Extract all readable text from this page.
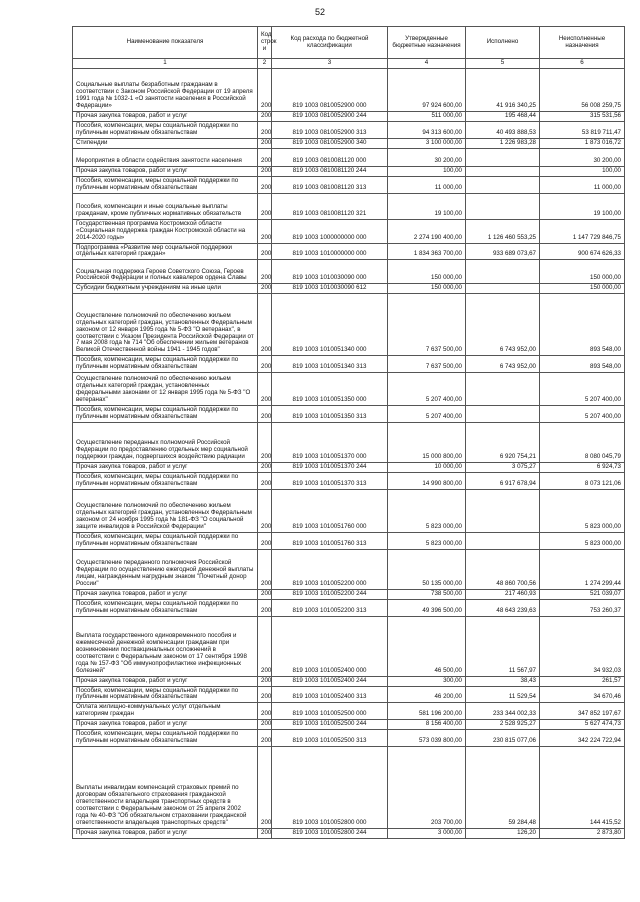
52
Наименование показателя	Код строк и	Код расхода по бюджетной классификации	Утвержденные бюджетные назначения	Исполнено	Неисполненные назначения
1	2	3	4	5	6
Социальные выплаты безработным гражданам в соответствии с Законом Российской Федерации от 19 апреля 1991 года № 1032-1 «О занятости населения в Российской Федерации»	200	819 1003 0810052900 000	97 924 600,00	41 916 340,25	56 008 259,75
Прочая закупка товаров, работ и услуг	200	819 1003 0810052900 244	511 000,00	195 468,44	315 531,56
Пособия, компенсации, меры социальной поддержки по публичным нормативным обязательствам	200	819 1003 0810052900 313	94 313 600,00	40 493 888,53	53 819 711,47
Стипендии	200	819 1003 0810052900 340	3 100 000,00	1 226 983,28	1 873 016,72
Мероприятия в области содействия занятости населения	200	819 1003 0810081120 000	30 200,00		30 200,00
Прочая закупка товаров, работ и услуг	200	819 1003 0810081120 244	100,00		100,00
Пособия, компенсации, меры социальной поддержки по публичным нормативным обязательствам	200	819 1003 0810081120 313	11 000,00		11 000,00
Пособия, компенсации и иные социальные выплаты гражданам, кроме публичных нормативных обязательств	200	819 1003 0810081120 321	19 100,00		19 100,00
Государственная программа Костромской области «Социальная поддержка граждан Костромской области на 2014-2020 годы»	200	819 1003 1000000000 000	2 274 190 400,00	1 126 460 553,25	1 147 729 846,75
Подпрограмма «Развитие мер социальной поддержки отдельных категорий граждан»	200	819 1003 1010000000 000	1 834 363 700,00	933 689 073,67	900 674 626,33
Социальная поддержка Героев Советского Союза, Героев Российской Федерации и полных кавалеров ордена Славы	200	819 1003 1010030090 000	150 000,00		150 000,00
Субсидии бюджетным учреждениям на иные цели	200	819 1003 1010030090 612	150 000,00		150 000,00
Осуществление полномочий по обеспечению жильем отдельных категорий граждан, установленных Федеральным законом от 12 января 1995 года № 5-ФЗ "О ветеранах", в соответствии с Указом Президента Российской Федерации от 7 мая 2008 года № 714 "Об обеспечении жильем ветеранов Великой Отечественной войны 1941 - 1945 годов"	200	819 1003 1010051340 000	7 637 500,00	6 743 952,00	893 548,00
Пособия, компенсации, меры социальной поддержки по публичным нормативным обязательствам	200	819 1003 1010051340 313	7 637 500,00	6 743 952,00	893 548,00
Осуществление полномочий по обеспечению жильем отдельных категорий граждан, установленных федеральными законами от 12 января 1995 года № 5-ФЗ "О ветеранах"	200	819 1003 1010051350 000	5 207 400,00		5 207 400,00
Пособия, компенсации, меры социальной поддержки по публичным нормативным обязательствам	200	819 1003 1010051350 313	5 207 400,00		5 207 400,00
Осуществление переданных полномочий Российской Федерации по предоставлению отдельных мер социальной поддержки граждан, подвергшихся воздействию радиации	200	819 1003 1010051370 000	15 000 800,00	6 920 754,21	8 080 045,79
Прочая закупка товаров, работ и услуг	200	819 1003 1010051370 244	10 000,00	3 075,27	6 924,73
Пособия, компенсации, меры социальной поддержки по публичным нормативным обязательствам	200	819 1003 1010051370 313	14 990 800,00	6 917 678,94	8 073 121,06
Осуществление полномочий по обеспечению жильем отдельных категорий граждан, установленных Федеральным законом от 24 ноября 1995 года № 181-ФЗ "О социальной защите инвалидов в Российской Федерации"	200	819 1003 1010051760 000	5 823 000,00		5 823 000,00
Пособия, компенсации, меры социальной поддержки по публичным нормативным обязательствам	200	819 1003 1010051760 313	5 823 000,00		5 823 000,00
Осуществление переданного полномочия Российской Федерации по осуществлению ежегодной денежной выплаты лицам, награжденным нагрудным знаком "Почетный донор России"	200	819 1003 1010052200 000	50 135 000,00	48 860 700,56	1 274 299,44
Прочая закупка товаров, работ и услуг	200	819 1003 1010052200 244	738 500,00	217 460,93	521 039,07
Пособия, компенсации, меры социальной поддержки по публичным нормативным обязательствам	200	819 1003 1010052200 313	49 396 500,00	48 643 239,63	753 260,37
Выплата государственного единовременного пособия и ежемесячной денежной компенсации гражданам при возникновении поствакцинальных осложнений в соответствии с Федеральным законом от 17 сентября 1998 года № 157-ФЗ "Об иммунопрофилактике инфекционных болезней"	200	819 1003 1010052400 000	46 500,00	11 567,97	34 932,03
Прочая закупка товаров, работ и услуг	200	819 1003 1010052400 244	300,00	38,43	261,57
Пособия, компенсации, меры социальной поддержки по публичным нормативным обязательствам	200	819 1003 1010052400 313	46 200,00	11 529,54	34 670,46
Оплата жилищно-коммунальных услуг отдельным категориям граждан	200	819 1003 1010052500 000	581 196 200,00	233 344 002,33	347 852 197,67
Прочая закупка товаров, работ и услуг	200	819 1003 1010052500 244	8 156 400,00	2 528 925,27	5 627 474,73
Пособия, компенсации, меры социальной поддержки по публичным нормативным обязательствам	200	819 1003 1010052500 313	573 039 800,00	230 815 077,06	342 224 722,94
Выплаты инвалидам компенсаций страховых премий по договорам обязательного страхования гражданской ответственности владельцев транспортных средств в соответствии с Федеральным законом от 25 апреля 2002 года № 40-ФЗ "Об обязательном страховании гражданской ответственности владельцев транспортных средств"	200	819 1003 1010052800 000	203 700,00	59 284,48	144 415,52
Прочая закупка товаров, работ и услуг	200	819 1003 1010052800 244	3 000,00	126,20	2 873,80
